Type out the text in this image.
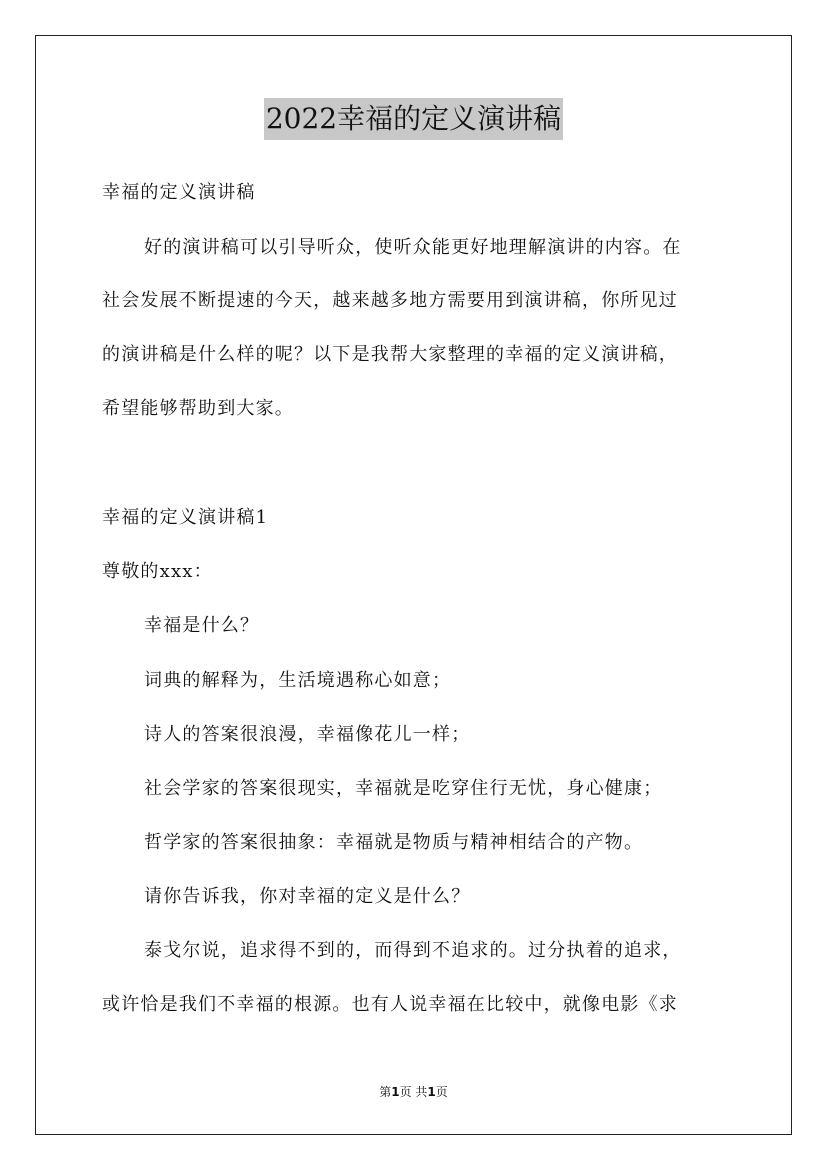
2022幸福的定义演讲稿
幸福的定义演讲稿
好的演讲稿可以引导听众，使听众能更好地理解演讲的内容。在
社会发展不断提速的今天，越来越多地方需要用到演讲稿，你所见过
的演讲稿是什么样的呢？以下是我帮大家整理的幸福的定义演讲稿，
希望能够帮助到大家。
幸福的定义演讲稿1
尊敬的xxx：
幸福是什么？
词典的解释为，生活境遇称心如意；
诗人的答案很浪漫，幸福像花儿一样；
社会学家的答案很现实，幸福就是吃穿住行无忧，身心健康；
哲学家的答案很抽象：幸福就是物质与精神相结合的产物。
请你告诉我，你对幸福的定义是什么？
泰戈尔说，追求得不到的，而得到不追求的。过分执着的追求，
或许恰是我们不幸福的根源。也有人说幸福在比较中，就像电影《求
第1页 共1页
